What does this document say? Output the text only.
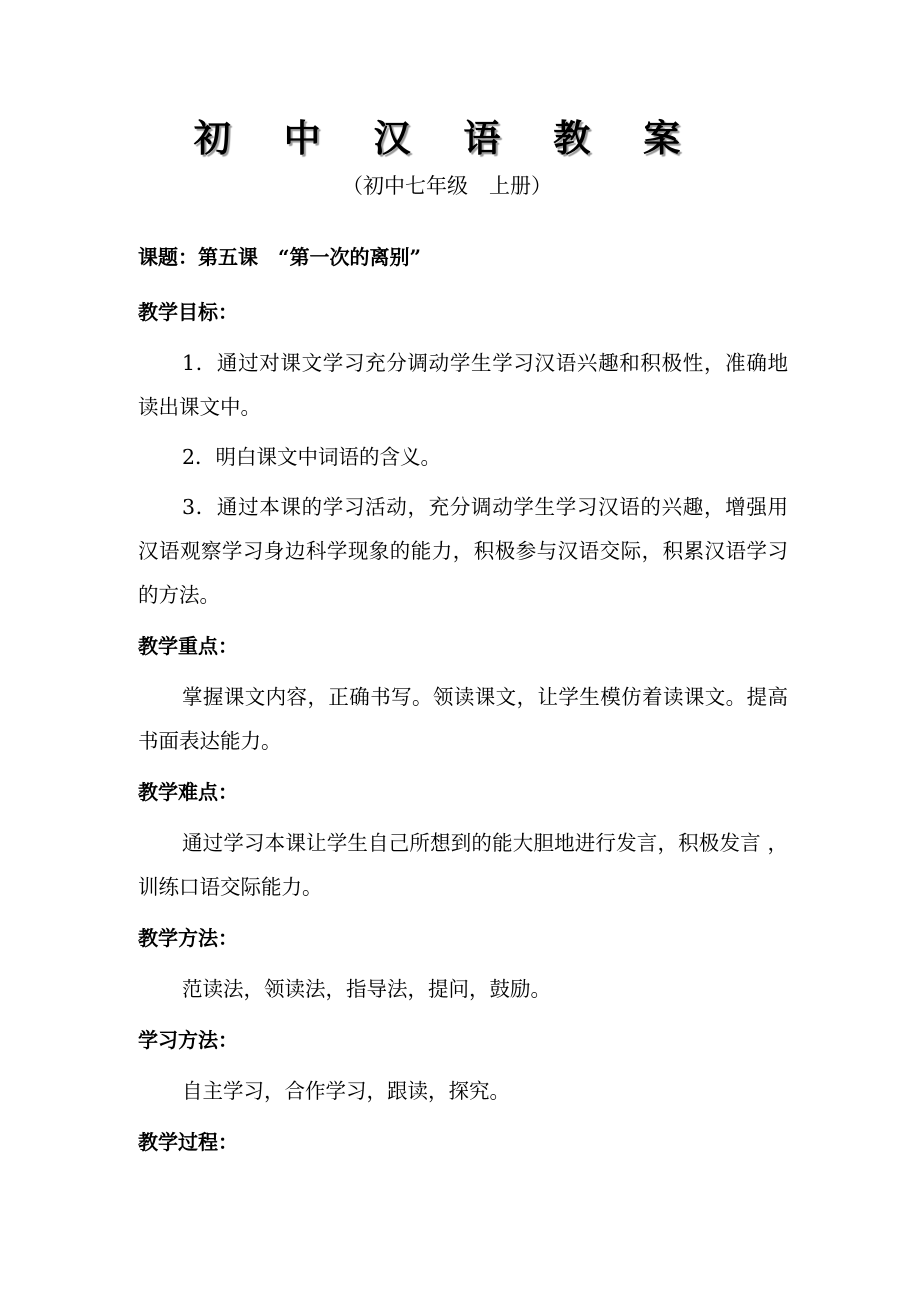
初 中 汉 语 教 案
（初中七年级　上册）
课题：第五课　“第一次的离别”
教学目标：

1．通过对课文学习充分调动学生学习汉语兴趣和积极性，准确地读出课文中。

2．明白课文中词语的含义。

3．通过本课的学习活动，充分调动学生学习汉语的兴趣，增强用汉语观察学习身边科学现象的能力，积极参与汉语交际，积累汉语学习的方法。

教学重点：

掌握课文内容，正确书写。领读课文，让学生模仿着读课文。提高书面表达能力。

教学难点：

通过学习本课让学生自己所想到的能大胆地进行发言，积极发言 ，训练口语交际能力。

教学方法：

范读法，领读法，指导法，提问，鼓励。

学习方法：

自主学习，合作学习，跟读，探究。

教学过程：
